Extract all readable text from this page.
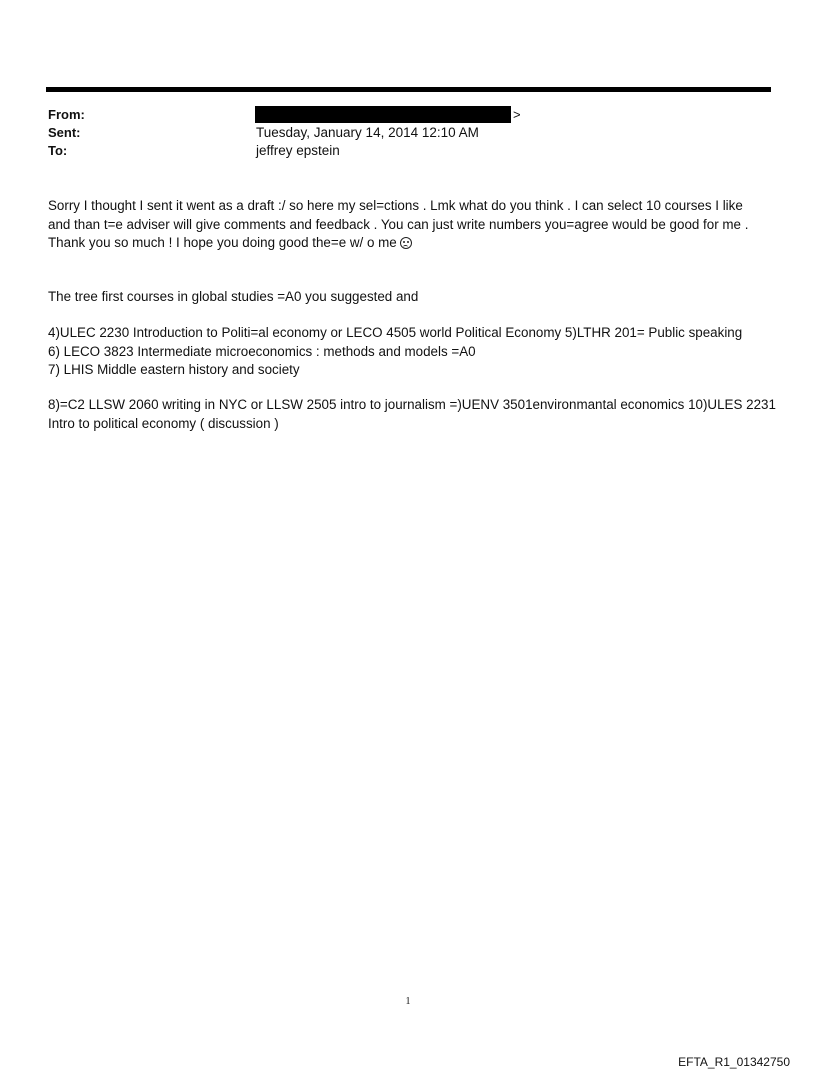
From:	>
Sent:	Tuesday, January 14, 2014 12:10 AM
To:	jeffrey epstein

Sorry I thought I sent it went as a draft :/ so here my sel=ctions . Lmk what do you think . I can select 10 courses I like

and than t=e adviser will give comments and feedback . You can just write numbers you=agree would be good for me .

Thank you so much ! I hope you doing good the=e w/ o me

The tree first courses in global studies =A0 you suggested and

4)ULEC 2230 Introduction to Politi=al economy or LECO 4505 world Political Economy 5)LTHR 201= Public speaking

6) LECO 3823 Intermediate microeconomics : methods and models =A0

7) LHIS Middle eastern history and society

8)=C2 LLSW 2060 writing in NYC or LLSW 2505 intro to journalism =)UENV 3501environmantal economics 10)ULES 2231

Intro to political economy ( discussion )

1
EFTA_R1_01342750
